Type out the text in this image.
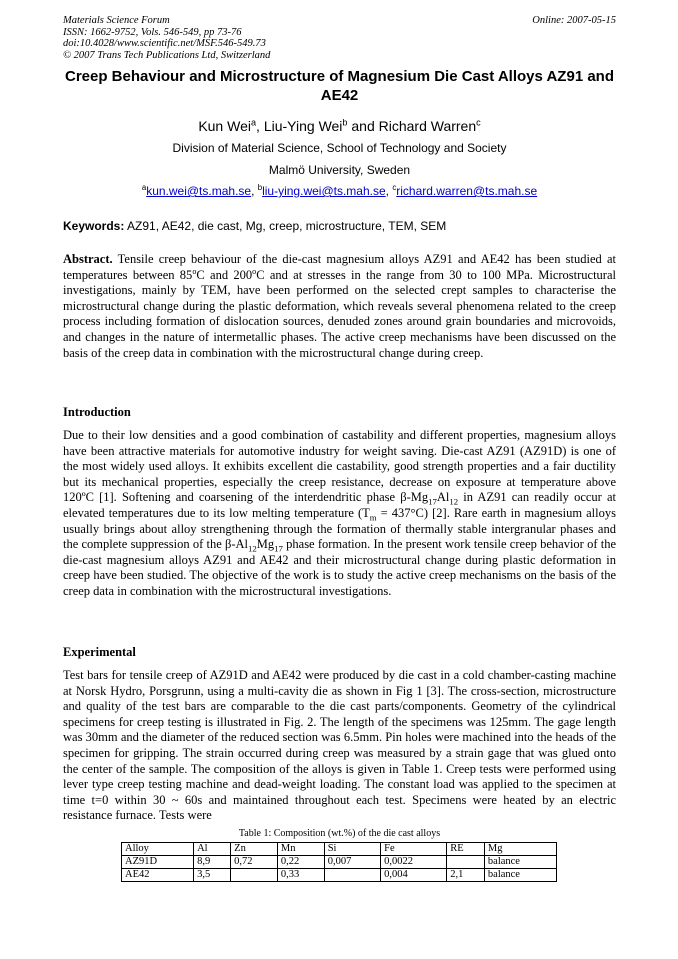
Materials Science Forum
ISSN: 1662-9752, Vols. 546-549, pp 73-76
doi:10.4028/www.scientific.net/MSF.546-549.73
© 2007 Trans Tech Publications Ltd, Switzerland
Online: 2007-05-15
Creep Behaviour and Microstructure of Magnesium Die Cast Alloys AZ91 and AE42
Kun Wei$^a$, Liu-Ying Wei$^b$ and Richard Warren$^c$
Division of Material Science, School of Technology and Society
Malmö University, Sweden
$^a$kun.wei@ts.mah.se, $^b$liu-ying.wei@ts.mah.se, $^c$richard.warren@ts.mah.se
Keywords: AZ91, AE42, die cast, Mg, creep, microstructure, TEM, SEM
Abstract. Tensile creep behaviour of the die-cast magnesium alloys AZ91 and AE42 has been studied at temperatures between 85$^o$C and 200$^o$C and at stresses in the range from 30 to 100 MPa. Microstructural investigations, mainly by TEM, have been performed on the selected crept samples to characterise the microstructural change during the plastic deformation, which reveals several phenomena related to the creep process including formation of dislocation sources, denuded zones around grain boundaries and microvoids, and changes in the nature of intermetallic phases. The active creep mechanisms have been discussed on the basis of the creep data in combination with the microstructural change during creep.
Introduction
Due to their low densities and a good combination of castability and different properties, magnesium alloys have been attractive materials for automotive industry for weight saving. Die-cast AZ91 (AZ91D) is one of the most widely used alloys. It exhibits excellent die castability, good strength properties and a fair ductility but its mechanical properties, especially the creep resistance, decrease on exposure at temperature above 120ºC [1]. Softening and coarsening of the interdendritic phase $\beta-Mg_{17}Al_{12}$ in AZ91 can readily occur at elevated temperatures due to its low melting temperature $(T_m = 437^\circ C)$ [2]. Rare earth in magnesium alloys usually brings about alloy strengthening through the formation of thermally stable intergranular phases and the complete suppression of the $\beta-Al_{12}Mg_{17}$ phase formation. In the present work tensile creep behavior of the die-cast magnesium alloys AZ91 and AE42 and their microstructural change during plastic deformation in creep have been studied. The objective of the work is to study the active creep mechanisms on the basis of the creep data in combination with the microstructural investigations.
Experimental
Test bars for tensile creep of AZ91D and AE42 were produced by die cast in a cold chamber-casting machine at Norsk Hydro, Porsgrunn, using a multi-cavity die as shown in Fig 1 [3]. The cross-section, microstructure and quality of the test bars are comparable to the die cast parts/components. Geometry of the cylindrical specimens for creep testing is illustrated in Fig. 2. The length of the specimens was 125mm. The gage length was 30mm and the diameter of the reduced section was 6.5mm. Pin holes were machined into the heads of the specimen for gripping. The strain occurred during creep was measured by a strain gage that was glued onto the center of the sample. The composition of the alloys is given in Table 1. Creep tests were performed using lever type creep testing machine and dead-weight loading. The constant load was applied to the specimen at time t=0 within 30 ~ 60s and maintained throughout each test. Specimens were heated by an electric resistance furnace. Tests were
Table 1: Composition (wt.%) of the die cast alloys
Alloy	Al	Zn	Mn	Si	Fe	RE	Mg
AZ91D	8,9	0,72	0,22	0,007	0,0022		balance
AE42	3,5		0,33		0,004	2,1	balance
